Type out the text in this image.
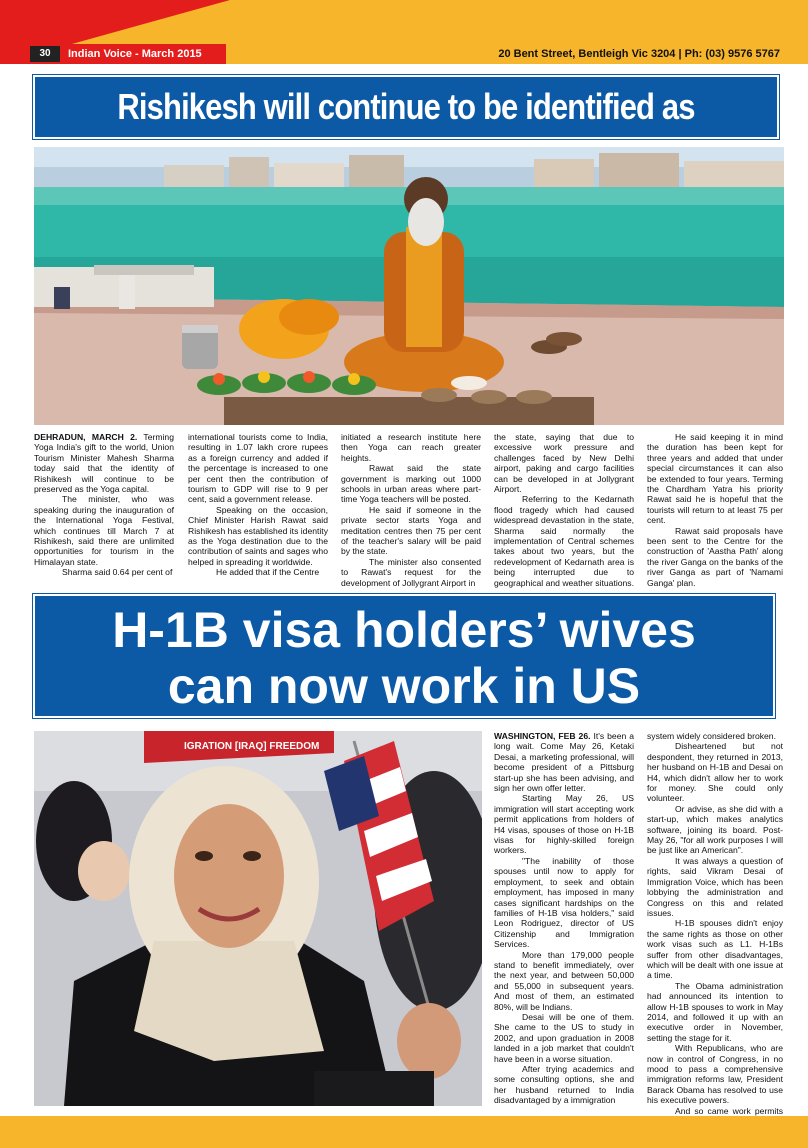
30	Indian Voice - March 2015	20 Bent Street, Bentleigh Vic 3204 | Ph: (03) 9576 5767
Rishikesh will continue to be identified as

DEHRADUN, MARCH 2. Terming Yoga India's gift to the world, Union Tourism Minister Mahesh Sharma today said that the identity of Rishikesh will continue to be preserved as the Yoga capital.

The minister, who was speaking during the inauguration of the International Yoga Festival, which continues till March 7 at Rishikesh, said there are unlimited opportunities for tourism in the Himalayan state.

Sharma said 0.64 per cent of

international tourists come to India, resulting in 1.07 lakh crore rupees as a foreign currency and added if the percentage is increased to one per cent then the contribution of tourism to GDP will rise to 9 per cent, said a government release.

Speaking on the occasion, Chief Minister Harish Rawat said Rishikesh has established its identity as the Yoga destination due to the contribution of saints and sages who helped in spreading it worldwide.

He added that if the Centre

initiated a research institute here then Yoga can reach greater heights.

Rawat said the state government is marking out 1000 schools in urban areas where part-time Yoga teachers will be posted.

He said if someone in the private sector starts Yoga and meditation centres then 75 per cent of the teacher's salary will be paid by the state.

The minister also consented to Rawat's request for the development of Jollygrant Airport in

the state, saying that due to excessive work pressure and challenges faced by New Delhi airport, paking and cargo facilities can be developed in at Jollygrant Airport.

Referring to the Kedarnath flood tragedy which had caused widespread devastation in the state, Sharma said normally the implementation of Central schemes takes about two years, but the redevelopment of Kedarnath area is being interrupted due to geographical and weather situations.

He said keeping it in mind the duration has been kept for three years and added that under special circumstances it can also be extended to four years. Terming the Chardham Yatra his priority Rawat said he is hopeful that the tourists will return to at least 75 per cent.

Rawat said proposals have been sent to the Centre for the construction of 'Aastha Path' along the river Ganga on the banks of the river Ganga as part of 'Namami Ganga' plan.

H-1B visa holders’ wives
can now work in US
IGRATION [IRAQ] FREEDOM

WASHINGTON, FEB 26. It's been a long wait. Come May 26, Ketaki Desai, a marketing professional, will become president of a Pittsburg start-up she has been advising, and sign her own offer letter.

Starting May 26, US immigration will start accepting work permit applications from holders of H4 visas, spouses of those on H-1B visas for highly-skilled foreign workers.

"The inability of those spouses until now to apply for employment, to seek and obtain employment, has imposed in many cases significant hardships on the families of H-1B visa holders," said Leon Rodriguez, director of US Citizenship and Immigration Services.

More than 179,000 people stand to benefit immediately, over the next year, and between 50,000 and 55,000 in subsequent years. And most of them, an estimated 80%, will be Indians.

Desai will be one of them. She came to the US to study in 2002, and upon graduation in 2008 landed in a job market that couldn't have been in a worse situation.

After trying academics and some consulting options, she and her husband returned to India disadvantaged by a immigration

system widely considered broken.

Disheartened but not despondent, they returned in 2013, her husband on H-1B and Desai on H4, which didn't allow her to work for money. She could only volunteer.

Or advise, as she did with a start-up, which makes analytics software, joining its board. Post-May 26, "for all work purposes I will be just like an American".

It was always a question of rights, said Vikram Desai of Immigration Voice, which has been lobbying the administration and Congress on this and related issues.

H-1B spouses didn't enjoy the same rights as those on other work visas such as L1. H-1Bs suffer from other disadvantages, which will be dealt with one issue at a time.

The Obama administration had announced its intention to allow H-1B spouses to work in May 2014, and followed it up with an executive order in November, setting the stage for it.

With Republicans, who are now in control of Congress, in no mood to pass a comprehensive immigration reforms law, President Barack Obama has resolved to use his executive powers.

And so came work permits
